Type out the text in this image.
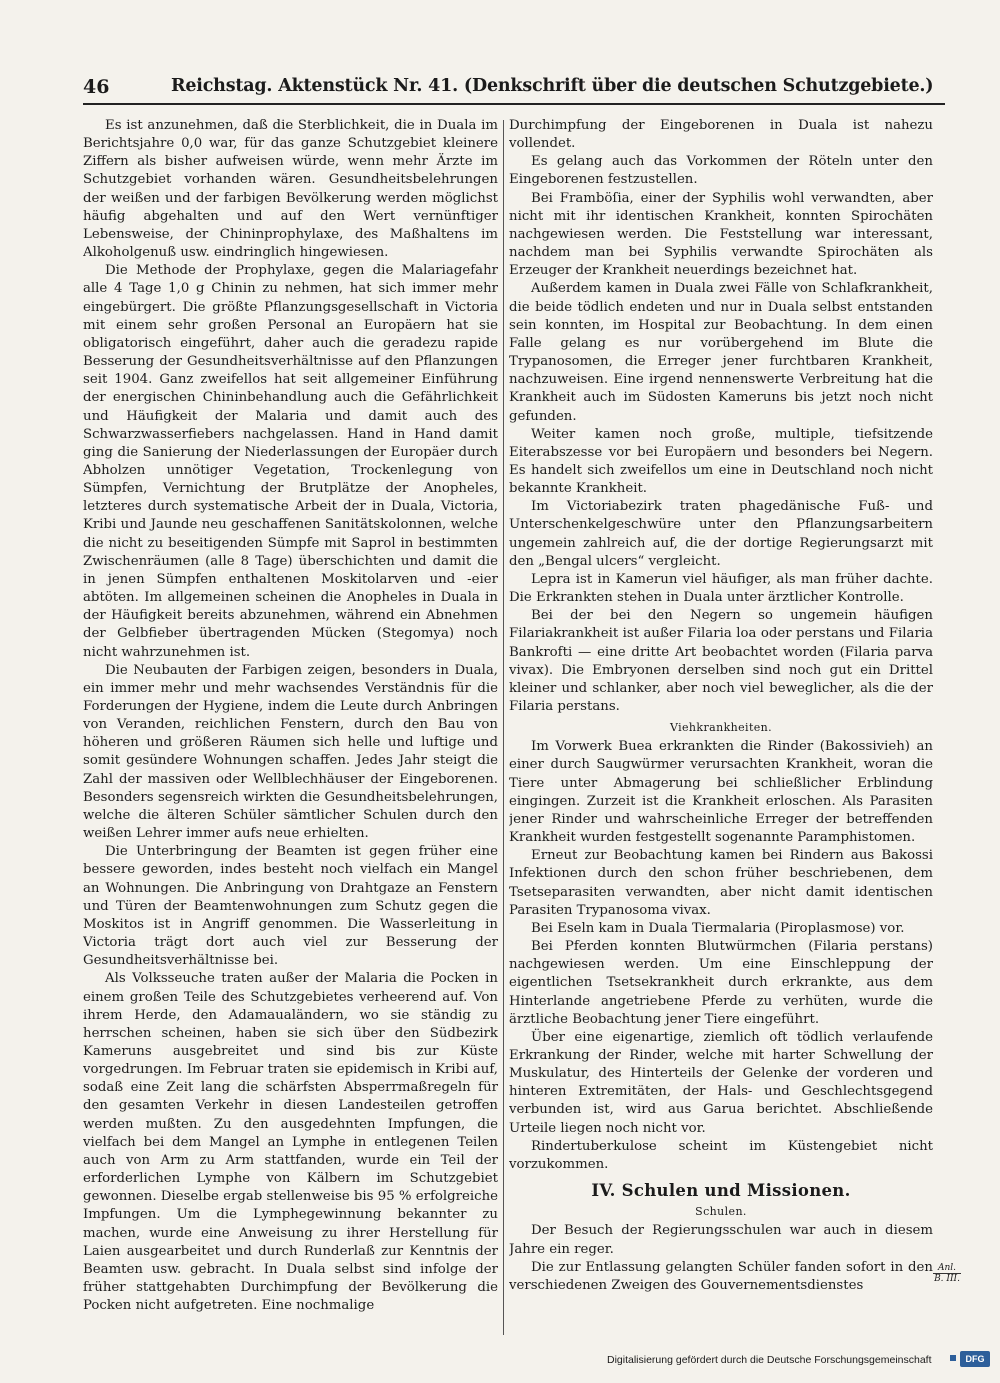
46	Reichstag. Aktenstück Nr. 41. (Denkschrift über die deutschen Schutzgebiete.)

Es ist anzunehmen, daß die Sterblichkeit, die in Duala im Berichtsjahre 0,0 war, für das ganze Schutzgebiet kleinere Ziffern als bisher aufweisen würde, wenn mehr Ärzte im Schutzgebiet vorhanden wären. Gesundheitsbelehrungen der weißen und der farbigen Bevölkerung werden möglichst häufig abgehalten und auf den Wert vernünftiger Lebensweise, der Chininprophylaxe, des Maßhaltens im Alkoholgenuß usw. eindringlich hingewiesen.

Die Methode der Prophylaxe, gegen die Malariagefahr alle 4 Tage 1,0 g Chinin zu nehmen, hat sich immer mehr eingebürgert. Die größte Pflanzungsgesellschaft in Victoria mit einem sehr großen Personal an Europäern hat sie obligatorisch eingeführt, daher auch die geradezu rapide Besserung der Gesundheitsverhältnisse auf den Pflanzungen seit 1904. Ganz zweifellos hat seit allgemeiner Einführung der energischen Chininbehandlung auch die Gefährlichkeit und Häufigkeit der Malaria und damit auch des Schwarzwasserfiebers nachgelassen. Hand in Hand damit ging die Sanierung der Niederlassungen der Europäer durch Abholzen unnötiger Vegetation, Trockenlegung von Sümpfen, Vernichtung der Brutplätze der Anopheles, letzteres durch systematische Arbeit der in Duala, Victoria, Kribi und Jaunde neu geschaffenen Sanitätskolonnen, welche die nicht zu beseitigenden Sümpfe mit Saprol in bestimmten Zwischenräumen (alle 8 Tage) überschichten und damit die in jenen Sümpfen enthaltenen Moskitolarven und -eier abtöten. Im allgemeinen scheinen die Anopheles in Duala in der Häufigkeit bereits abzunehmen, während ein Abnehmen der Gelbfieber übertragenden Mücken (Stegomya) noch nicht wahrzunehmen ist.

Die Neubauten der Farbigen zeigen, besonders in Duala, ein immer mehr und mehr wachsendes Verständnis für die Forderungen der Hygiene, indem die Leute durch Anbringen von Veranden, reichlichen Fenstern, durch den Bau von höheren und größeren Räumen sich helle und luftige und somit gesündere Wohnungen schaffen. Jedes Jahr steigt die Zahl der massiven oder Wellblechhäuser der Eingeborenen. Besonders segensreich wirkten die Gesundheitsbelehrungen, welche die älteren Schüler sämtlicher Schulen durch den weißen Lehrer immer aufs neue erhielten.

Die Unterbringung der Beamten ist gegen früher eine bessere geworden, indes besteht noch vielfach ein Mangel an Wohnungen. Die Anbringung von Drahtgaze an Fenstern und Türen der Beamtenwohnungen zum Schutz gegen die Moskitos ist in Angriff genommen. Die Wasserleitung in Victoria trägt dort auch viel zur Besserung der Gesundheitsverhältnisse bei.

Als Volksseuche traten außer der Malaria die Pocken in einem großen Teile des Schutzgebietes verheerend auf. Von ihrem Herde, den Adamaualändern, wo sie ständig zu herrschen scheinen, haben sie sich über den Südbezirk Kameruns ausgebreitet und sind bis zur Küste vorgedrungen. Im Februar traten sie epidemisch in Kribi auf, sodaß eine Zeit lang die schärfsten Absperrmaßregeln für den gesamten Verkehr in diesen Landesteilen getroffen werden mußten. Zu den ausgedehnten Impfungen, die vielfach bei dem Mangel an Lymphe in entlegenen Teilen auch von Arm zu Arm stattfanden, wurde ein Teil der erforderlichen Lymphe von Kälbern im Schutzgebiet gewonnen. Dieselbe ergab stellenweise bis 95 % erfolgreiche Impfungen. Um die Lymphegewinnung bekannter zu machen, wurde eine Anweisung zu ihrer Herstellung für Laien ausgearbeitet und durch Runderlaß zur Kenntnis der Beamten usw. gebracht. In Duala selbst sind infolge der früher stattgehabten Durchimpfung der Bevölkerung die Pocken nicht aufgetreten. Eine nochmalige

Durchimpfung der Eingeborenen in Duala ist nahezu vollendet.

Es gelang auch das Vorkommen der Röteln unter den Eingeborenen festzustellen.

Bei Framböſia, einer der Syphilis wohl verwandten, aber nicht mit ihr identischen Krankheit, konnten Spirochäten nachgewiesen werden. Die Feststellung war interessant, nachdem man bei Syphilis verwandte Spirochäten als Erzeuger der Krankheit neuerdings bezeichnet hat.

Außerdem kamen in Duala zwei Fälle von Schlafkrankheit, die beide tödlich endeten und nur in Duala selbst entstanden sein konnten, im Hospital zur Beobachtung. In dem einen Falle gelang es nur vorübergehend im Blute die Trypanosomen, die Erreger jener furchtbaren Krankheit, nachzuweisen. Eine irgend nennenswerte Verbreitung hat die Krankheit auch im Südosten Kameruns bis jetzt noch nicht gefunden.

Weiter kamen noch große, multiple, tiefsitzende Eiterabszesse vor bei Europäern und besonders bei Negern. Es handelt sich zweifellos um eine in Deutschland noch nicht bekannte Krankheit.

Im Victoriabezirk traten phagedänische Fuß- und Unterschenkelgeschwüre unter den Pflanzungsarbeitern ungemein zahlreich auf, die der dortige Regierungsarzt mit den „Bengal ulcers“ vergleicht.

Lepra ist in Kamerun viel häufiger, als man früher dachte. Die Erkrankten stehen in Duala unter ärztlicher Kontrolle.

Bei der bei den Negern so ungemein häufigen Filariakrankheit ist außer Filaria loa oder perstans und Filaria Bankrofti — eine dritte Art beobachtet worden (Filaria parva vivax). Die Embryonen derselben sind noch gut ein Drittel kleiner und schlanker, aber noch viel beweglicher, als die der Filaria perstans.

Viehkrankheiten.

Im Vorwerk Buea erkrankten die Rinder (Bakossivieh) an einer durch Saugwürmer verursachten Krankheit, woran die Tiere unter Abmagerung bei schließlicher Erblindung eingingen. Zurzeit ist die Krankheit erloschen. Als Parasiten jener Rinder und wahrscheinliche Erreger der betreffenden Krankheit wurden festgestellt sogenannte Paramphistomen.

Erneut zur Beobachtung kamen bei Rindern aus Bakossi Infektionen durch den schon früher beschriebenen, dem Tsetseparasiten verwandten, aber nicht damit identischen Parasiten Trypanosoma vivax.

Bei Eseln kam in Duala Tiermalaria (Piroplasmose) vor.

Bei Pferden konnten Blutwürmchen (Filaria perstans) nachgewiesen werden. Um eine Einschleppung der eigentlichen Tsetsekrankheit durch erkrankte, aus dem Hinterlande angetriebene Pferde zu verhüten, wurde die ärztliche Beobachtung jener Tiere eingeführt.

Über eine eigenartige, ziemlich oft tödlich verlaufende Erkrankung der Rinder, welche mit harter Schwellung der Muskulatur, des Hinterteils der Gelenke der vorderen und hinteren Extremitäten, der Hals- und Geschlechtsgegend verbunden ist, wird aus Garua berichtet. Abschließende Urteile liegen noch nicht vor.

Rindertuberkulose scheint im Küstengebiet nicht vorzukommen.

IV. Schulen und Missionen.
Schulen.

Der Besuch der Regierungsschulen war auch in diesem Jahre ein reger.

Die zur Entlassung gelangten Schüler fanden sofort in den verschiedenen Zweigen des Gouvernementsdienstes

Anl.
B. III.
Digitalisierung gefördert durch die Deutsche Forschungsgemeinschaft	DFG
